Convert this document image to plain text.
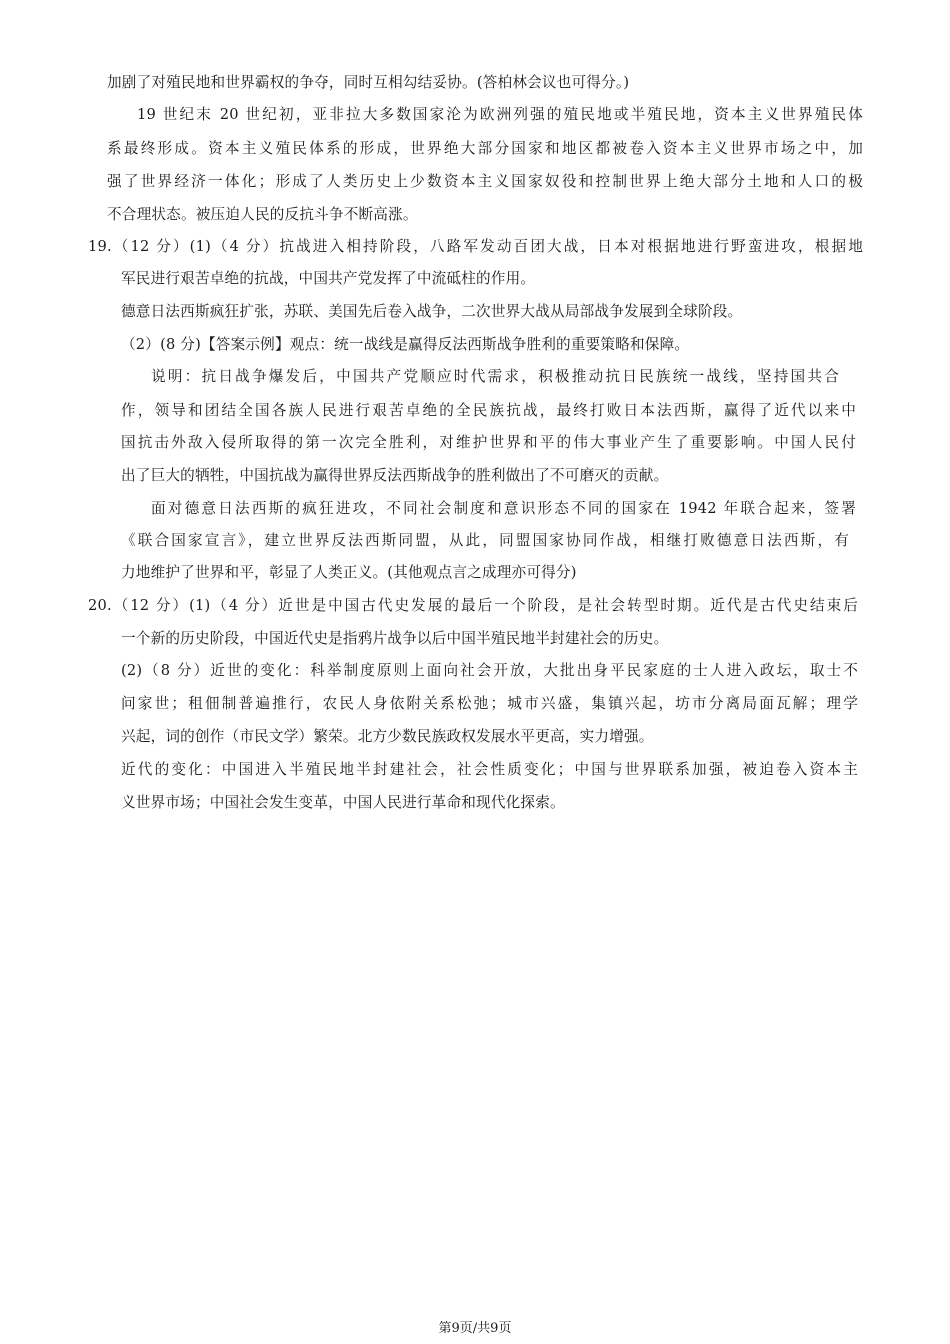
加剧了对殖民地和世界霸权的争夺，同时互相勾结妥协。(答柏林会议也可得分。)
19 世纪末 20 世纪初，亚非拉大多数国家沦为欧洲列强的殖民地或半殖民地，资本主义世界殖民体
系最终形成。资本主义殖民体系的形成，世界绝大部分国家和地区都被卷入资本主义世界市场之中，加
强了世界经济一体化；形成了人类历史上少数资本主义国家奴役和控制世界上绝大部分土地和人口的极
不合理状态。被压迫人民的反抗斗争不断高涨。
19.（12 分）(1)（4 分）抗战进入相持阶段，八路军发动百团大战，日本对根据地进行野蛮进攻，根据地
军民进行艰苦卓绝的抗战，中国共产党发挥了中流砥柱的作用。
德意日法西斯疯狂扩张，苏联、美国先后卷入战争，二次世界大战从局部战争发展到全球阶段。
（2）(8 分)【答案示例】观点：统一战线是赢得反法西斯战争胜利的重要策略和保障。
说明：抗日战争爆发后，中国共产党顺应时代需求，积极推动抗日民族统一战线，坚持国共合
作，领导和团结全国各族人民进行艰苦卓绝的全民族抗战，最终打败日本法西斯，赢得了近代以来中
国抗击外敌入侵所取得的第一次完全胜利，对维护世界和平的伟大事业产生了重要影响。中国人民付
出了巨大的牺牲，中国抗战为赢得世界反法西斯战争的胜利做出了不可磨灭的贡献。
面对德意日法西斯的疯狂进攻，不同社会制度和意识形态不同的国家在 1942 年联合起来，签署
《联合国家宣言》，建立世界反法西斯同盟，从此，同盟国家协同作战，相继打败德意日法西斯，有
力地维护了世界和平，彰显了人类正义。(其他观点言之成理亦可得分)
20.（12 分）(1)（4 分）近世是中国古代史发展的最后一个阶段，是社会转型时期。近代是古代史结束后
一个新的历史阶段，中国近代史是指鸦片战争以后中国半殖民地半封建社会的历史。
(2)（8 分）近世的变化：科举制度原则上面向社会开放，大批出身平民家庭的士人进入政坛，取士不
问家世；租佃制普遍推行，农民人身依附关系松弛；城市兴盛，集镇兴起，坊市分离局面瓦解；理学
兴起，词的创作（市民文学）繁荣。北方少数民族政权发展水平更高，实力增强。
近代的变化：中国进入半殖民地半封建社会，社会性质变化；中国与世界联系加强，被迫卷入资本主
义世界市场；中国社会发生变革，中国人民进行革命和现代化探索。
第9页/共9页
